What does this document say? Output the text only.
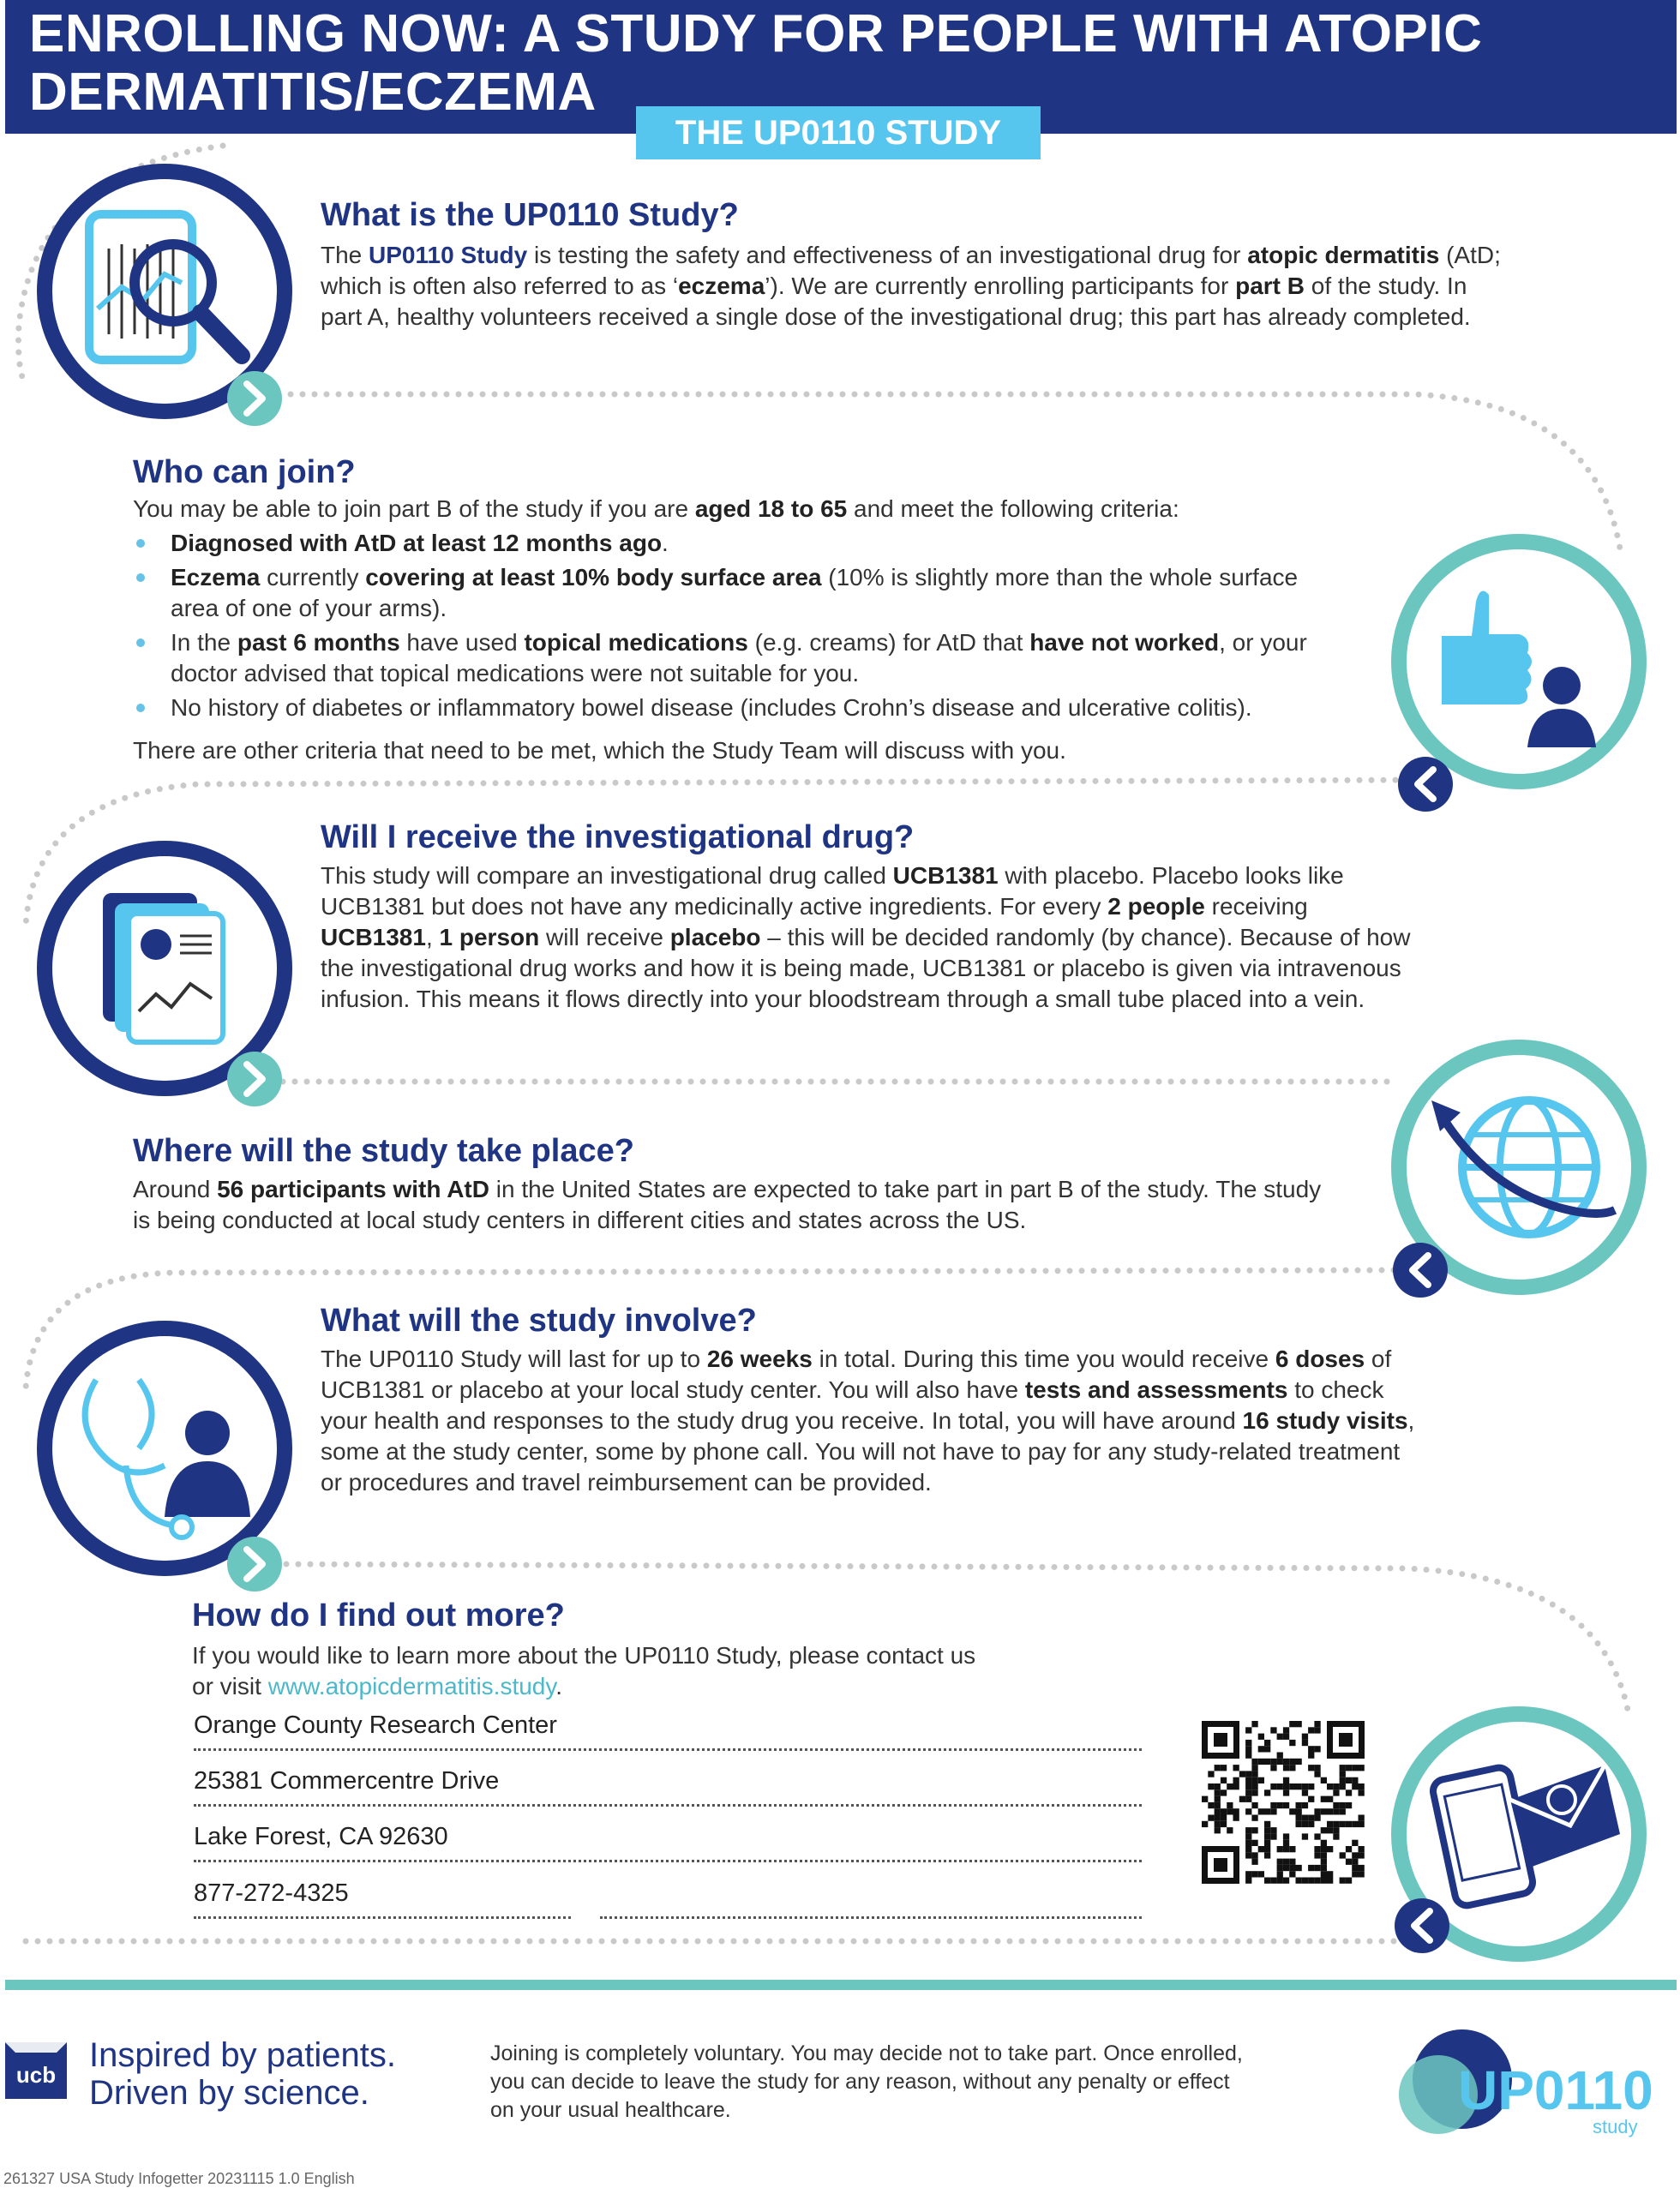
ENROLLING NOW: A STUDY FOR PEOPLE WITH ATOPIC
DERMATITIS/ECZEMA
THE UP0110 STUDY
What is the UP0110 Study?
The UP0110 Study is testing the safety and effectiveness of an investigational drug for atopic dermatitis (AtD; which is often also referred to as ‘eczema’). We are currently enrolling participants for part B of the study. In part A, healthy volunteers received a single dose of the investigational drug; this part has already completed.
Who can join?
You may be able to join part B of the study if you are aged 18 to 65 and meet the following criteria:
Diagnosed with AtD at least 12 months ago.
Eczema currently covering at least 10% body surface area (10% is slightly more than the whole surface area of one of your arms).
In the past 6 months have used topical medications (e.g. creams) for AtD that have not worked, or your doctor advised that topical medications were not suitable for you.
No history of diabetes or inflammatory bowel disease (includes Crohn’s disease and ulcerative colitis).
There are other criteria that need to be met, which the Study Team will discuss with you.
Will I receive the investigational drug?
This study will compare an investigational drug called UCB1381 with placebo. Placebo looks like UCB1381 but does not have any medicinally active ingredients. For every 2 people receiving UCB1381, 1 person will receive placebo – this will be decided randomly (by chance). Because of how the investigational drug works and how it is being made, UCB1381 or placebo is given via intravenous infusion. This means it flows directly into your bloodstream through a small tube placed into a vein.
Where will the study take place?
Around 56 participants with AtD in the United States are expected to take part in part B of the study. The study is being conducted at local study centers in different cities and states across the US.
What will the study involve?
The UP0110 Study will last for up to 26 weeks in total. During this time you would receive 6 doses of UCB1381 or placebo at your local study center. You will also have tests and assessments to check your health and responses to the study drug you receive. In total, you will have around 16 study visits, some at the study center, some by phone call. You will not have to pay for any study-related treatment or procedures and travel reimbursement can be provided.
How do I find out more?
If you would like to learn more about the UP0110 Study, please contact us
or visit www.atopicdermatitis.study.
Orange County Research Center
25381 Commercentre Drive
Lake Forest, CA 92630
877-272-4325
ucb
Inspired by patients.
Driven by science.
Joining is completely voluntary. You may decide not to take part. Once enrolled, you can decide to leave the study for any reason, without any penalty or effect on your usual healthcare.
the
UP0110
study
261327 USA Study Infogetter 20231115 1.0 English
